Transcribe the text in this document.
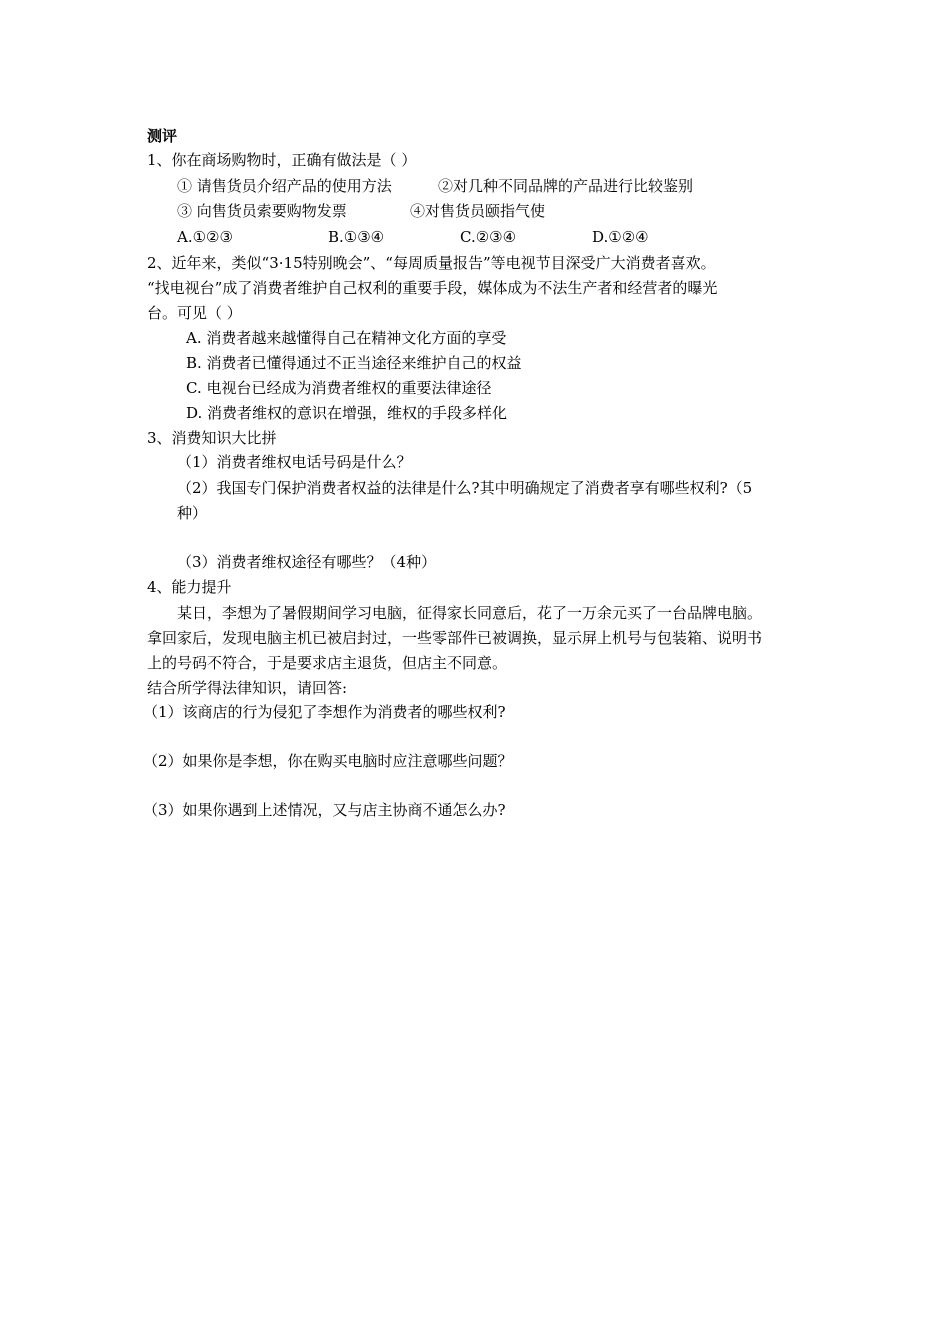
测评
1、你在商场购物时，正确有做法是（ ）
① 请售货员介绍产品的使用方法	②对几种不同品牌的产品进行比较鉴别
③ 向售货员索要购物发票	④对售货员颐指气使
A.①②③	B.①③④	C.②③④	D.①②④
2、近年来，类似“3·15特别晚会”、“每周质量报告”等电视节目深受广大消费者喜欢。
“找电视台”成了消费者维护自己权利的重要手段，媒体成为不法生产者和经营者的曝光
台。可见（ ）
A. 消费者越来越懂得自己在精神文化方面的享受
B. 消费者已懂得通过不正当途径来维护自己的权益
C. 电视台已经成为消费者维权的重要法律途径
D. 消费者维权的意识在增强，维权的手段多样化
3、消费知识大比拼
（1）消费者维权电话号码是什么？
（2）我国专门保护消费者权益的法律是什么?其中明确规定了消费者享有哪些权利?（5
种）
（3）消费者维权途径有哪些？（4种）
4、能力提升
某日，李想为了暑假期间学习电脑，征得家长同意后，花了一万余元买了一台品牌电脑。
拿回家后，发现电脑主机已被启封过，一些零部件已被调换，显示屏上机号与包装箱、说明书
上的号码不符合，于是要求店主退货，但店主不同意。
结合所学得法律知识，请回答:
（1）该商店的行为侵犯了李想作为消费者的哪些权利?
（2）如果你是李想，你在购买电脑时应注意哪些问题？
（3）如果你遇到上述情况，又与店主协商不通怎么办?
